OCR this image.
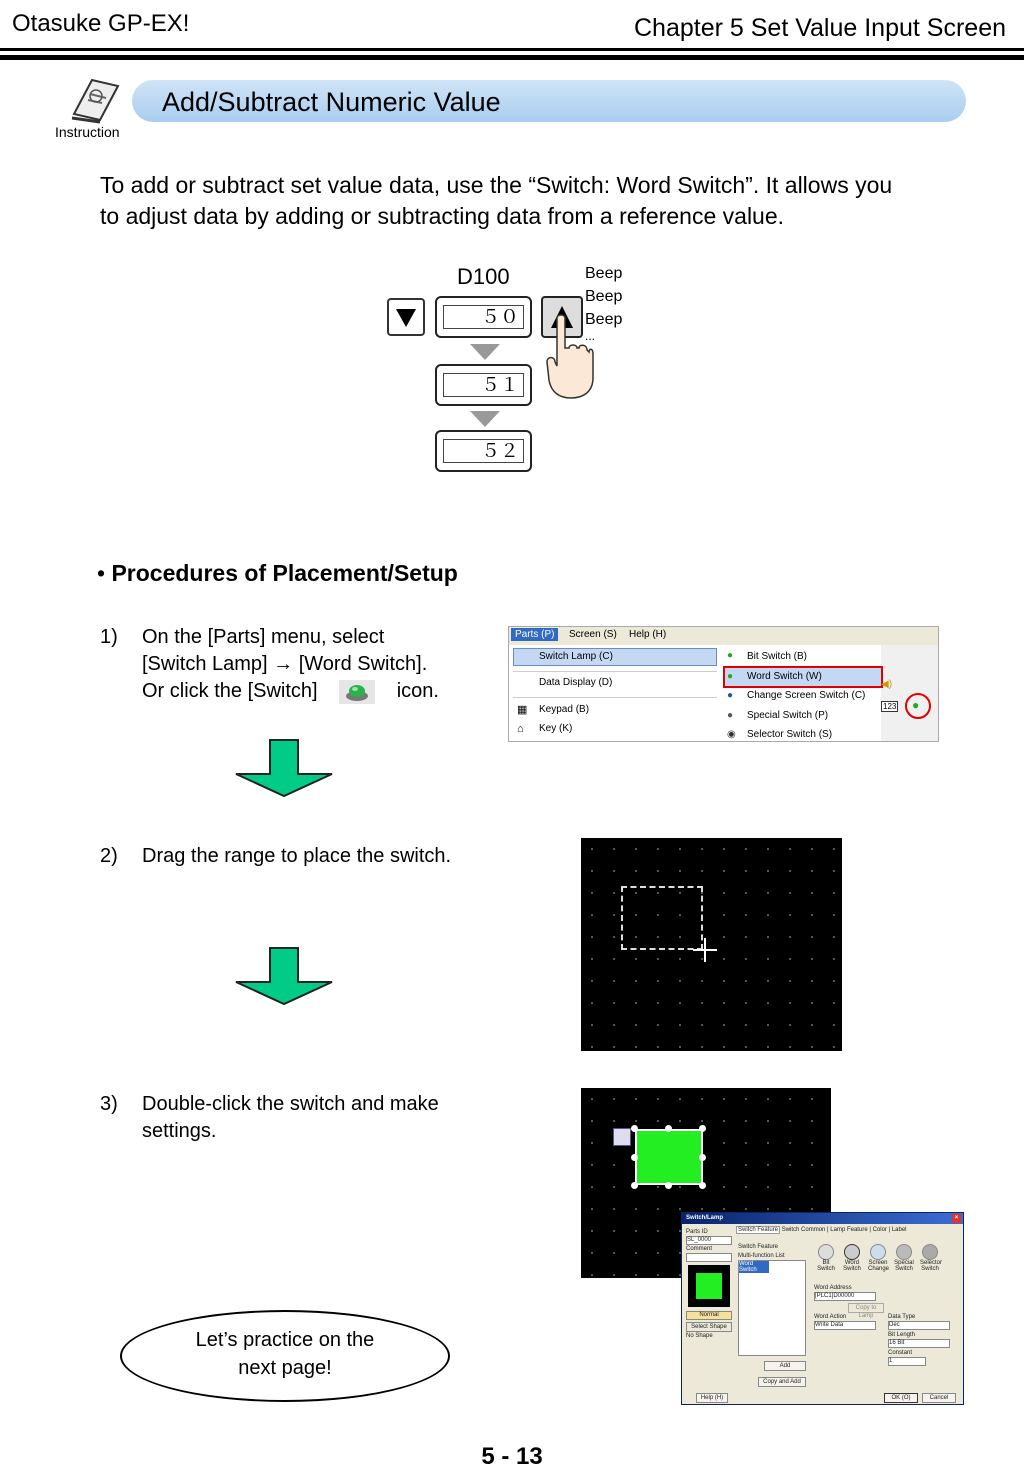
Otasuke GP-EX!	Chapter 5 Set Value Input Screen
Instruction
Add/Subtract Numeric Value
To add or subtract set value data, use the “Switch: Word Switch”. It allows you to adjust data by adding or subtracting data from a reference value.
D100
５０
５１
５２
Beep
Beep
Beep
...
• Procedures of Placement/Setup
1) On the [Parts] menu, select
[Switch Lamp] → [Word Switch].
Or click the [Switch]	icon.
Parts (P)	Screen (S) Help (H)
Switch Lamp (C)
Data Display (D)
Keypad (B)
Key (K)
▦
⌂
Bit Switch (B)
Word Switch (W)
Change Screen Switch (C)
Special Switch (P)
Selector Switch (S)
●
●
●
●
◉
◀)
123 ●
2) Drag the range to place the switch.
3) Double-click the switch and make
settings.
Switch/Lamp	×
Parts ID
SL_0000
Comment
Normal
Select Shape
No Shape
Switch Feature Switch Common | Lamp Feature | Color | Label
Switch Feature
Multi-function List
Word Switch
Add
Copy and Add
Bit Switch
Word Switch
Screen Change
Special Switch
Selector Switch
Word Address
[PLC1]D00000
Copy to Lamp
Word Action
Write Data
Data Type
Dec
Bit Length
16 Bit
Constant
1
Help (H)	OK (O)	Cancel
Let’s practice on the
next page!
5 - 13
